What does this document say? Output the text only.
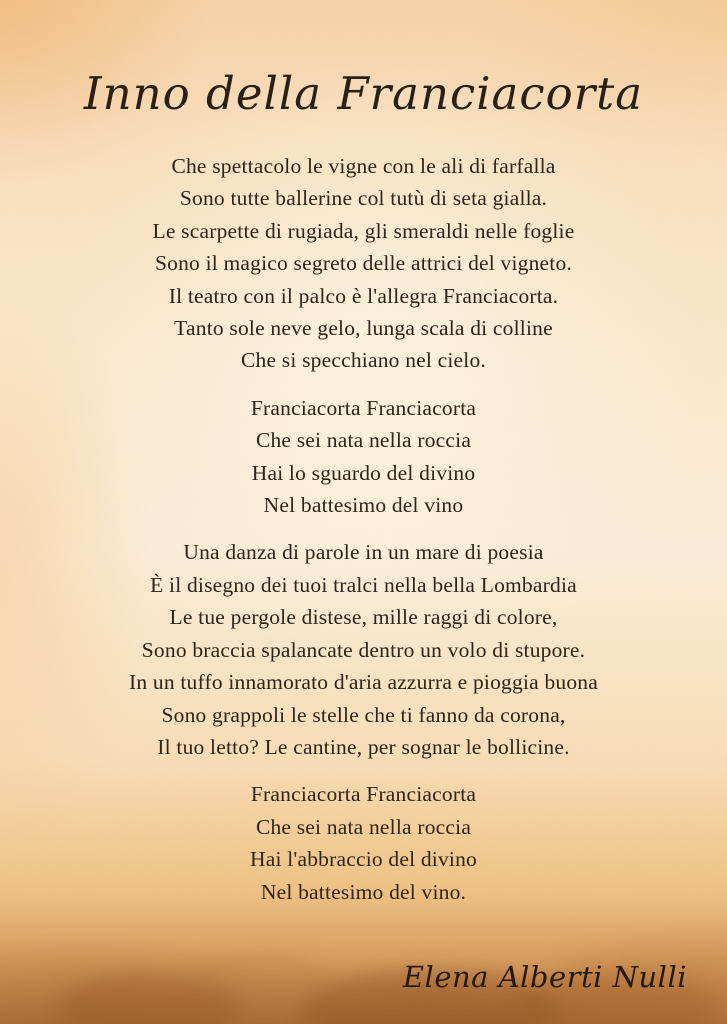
Inno della Franciacorta

Che spettacolo le vigne con le ali di farfalla

Sono tutte ballerine col tutù di seta gialla.

Le scarpette di rugiada, gli smeraldi nelle foglie

Sono il magico segreto delle attrici del vigneto.

Il teatro con il palco è l'allegra Franciacorta.

Tanto sole neve gelo, lunga scala di colline

Che si specchiano nel cielo.

Franciacorta Franciacorta

Che sei nata nella roccia

Hai lo sguardo del divino

Nel battesimo del vino

Una danza di parole in un mare di poesia

È il disegno dei tuoi tralci nella bella Lombardia

Le tue pergole distese, mille raggi di colore,

Sono braccia spalancate dentro un volo di stupore.

In un tuffo innamorato d'aria azzurra e pioggia buona

Sono grappoli le stelle che ti fanno da corona,

Il tuo letto? Le cantine, per sognar le bollicine.

Franciacorta Franciacorta

Che sei nata nella roccia

Hai l'abbraccio del divino

Nel battesimo del vino.

Elena Alberti Nulli
